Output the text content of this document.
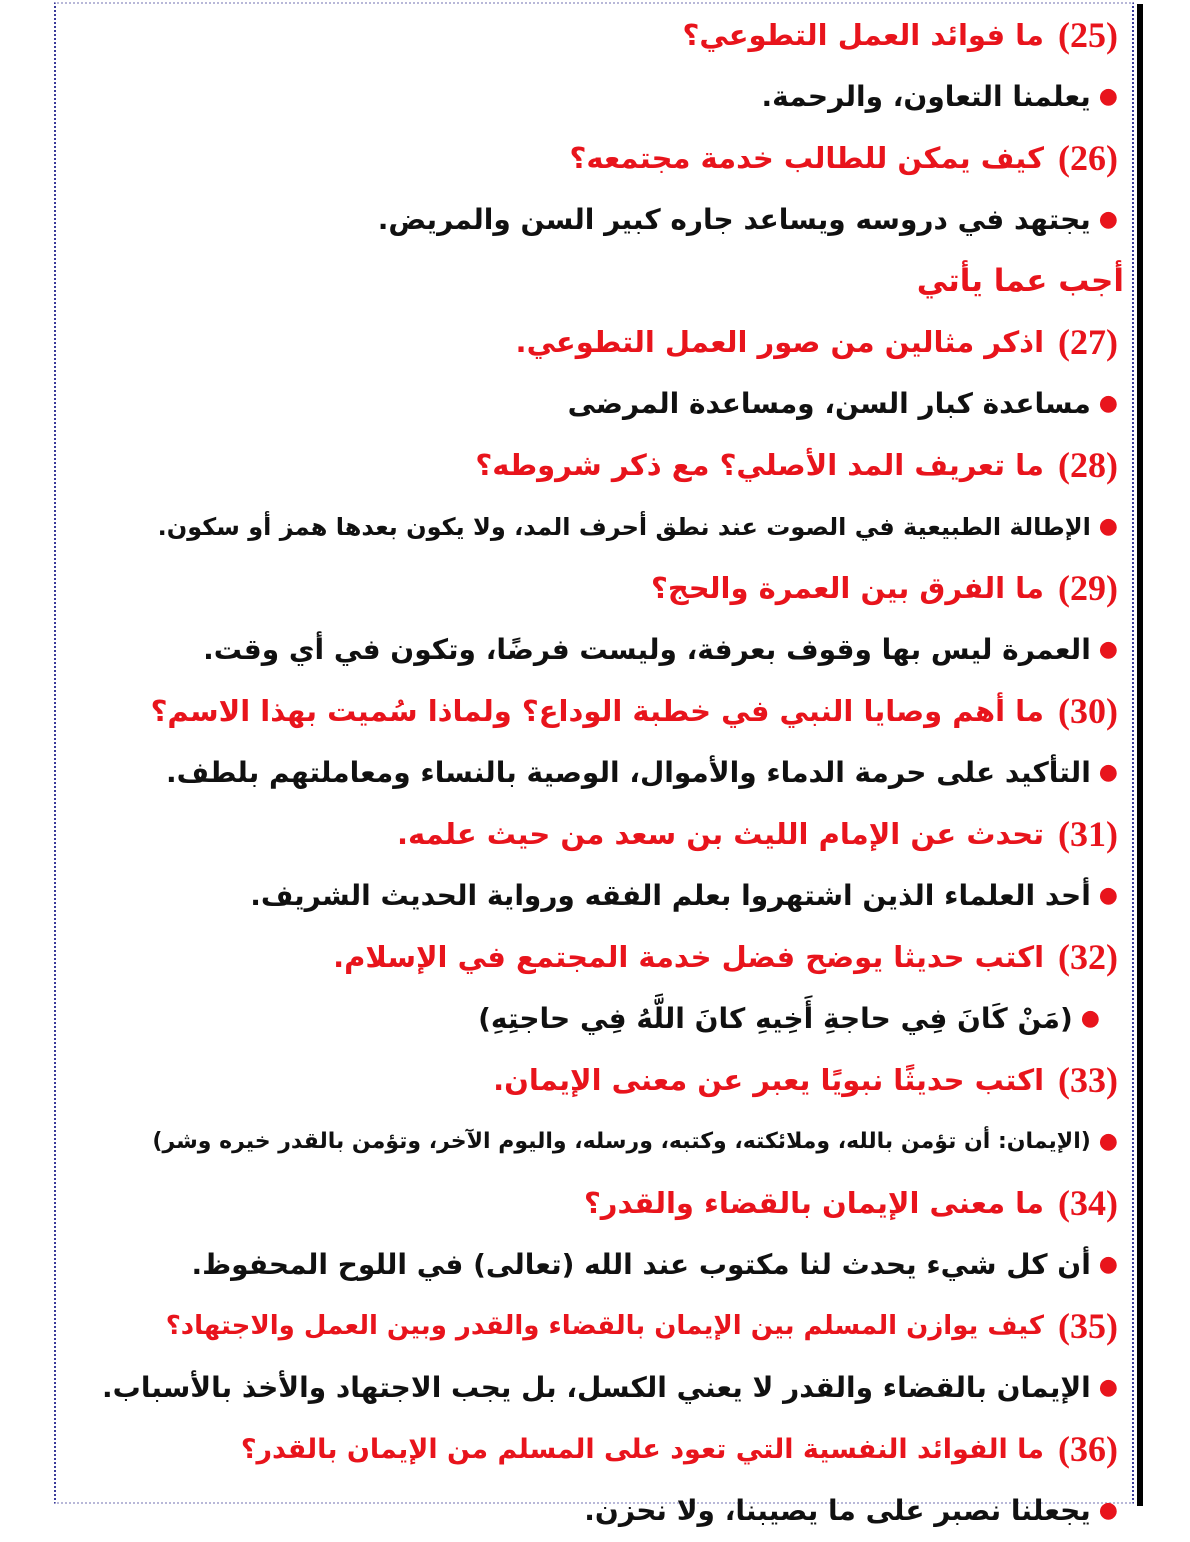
(25)
ما فوائد العمل التطوعي؟
●
يعلمنا التعاون، والرحمة.
(26)
كيف يمكن للطالب خدمة مجتمعه؟
●
يجتهد في دروسه ويساعد جاره كبير السن والمريض.
أجب عما يأتي
(27)
اذكر مثالين من صور العمل التطوعي.
●
مساعدة كبار السن، ومساعدة المرضى
(28)
ما تعريف المد الأصلي؟ مع ذكر شروطه؟
●
الإطالة الطبيعية في الصوت عند نطق أحرف المد، ولا يكون بعدها همز أو سكون.
(29)
ما الفرق بين العمرة والحج؟
●
العمرة ليس بها وقوف بعرفة، وليست فرضًا، وتكون في أي وقت.
(30)
ما أهم وصايا النبي في خطبة الوداع؟ ولماذا سُميت بهذا الاسم؟
●
التأكيد على حرمة الدماء والأموال، الوصية بالنساء ومعاملتهم بلطف.
(31)
تحدث عن الإمام الليث بن سعد من حيث علمه.
●
أحد العلماء الذين اشتهروا بعلم الفقه ورواية الحديث الشريف.
(32)
اكتب حديثا يوضح فضل خدمة المجتمع في الإسلام.
●
(مَنْ كَانَ فِي حاجةِ أَخِيهِ كانَ اللَّهُ فِي حاجتِهِ)
(33)
اكتب حديثًا نبويًا يعبر عن معنى الإيمان.
●
(الإيمان: أن تؤمن بالله، وملائكته، وكتبه، ورسله، واليوم الآخر، وتؤمن بالقدر خيره وشر)
(34)
ما معنى الإيمان بالقضاء والقدر؟
●
أن كل شيء يحدث لنا مكتوب عند الله (تعالى) في اللوح المحفوظ.
(35)
كيف يوازن المسلم بين الإيمان بالقضاء والقدر وبين العمل والاجتهاد؟
●
الإيمان بالقضاء والقدر لا يعني الكسل، بل يجب الاجتهاد والأخذ بالأسباب.
(36)
ما الفوائد النفسية التي تعود على المسلم من الإيمان بالقدر؟
●
يجعلنا نصبر على ما يصيبنا، ولا نحزن.
